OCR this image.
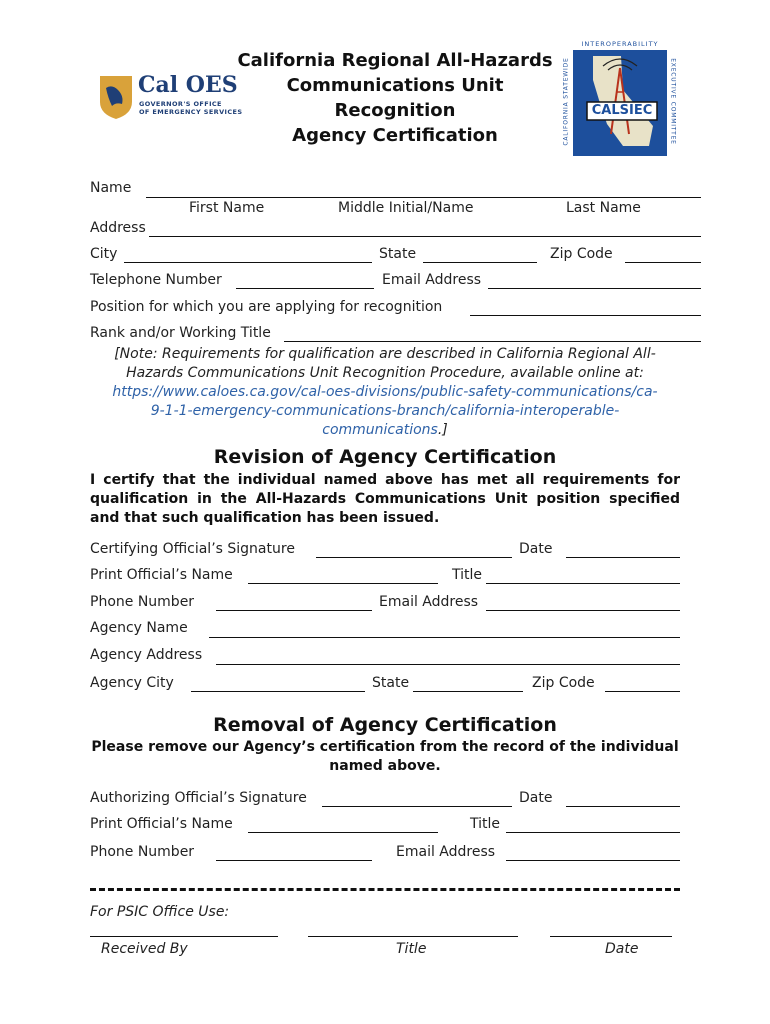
Cal OES
GOVERNOR'S OFFICE
OF EMERGENCY SERVICES
California Regional All-Hazards
Communications Unit
Recognition
Agency Certification
CALSIEC
INTEROPERABILITY
CALIFORNIA STATEWIDE	EXECUTIVE COMMITTEE
Name
First Name	Middle Initial/Name	Last Name
Address
City	State	Zip Code
Telephone Number	Email Address
Position for which you are applying for recognition
Rank and/or Working Title
[Note: Requirements for qualification are described in California Regional All-
Hazards Communications Unit Recognition Procedure, available online at:
https://www.caloes.ca.gov/cal-oes-divisions/public-safety-communications/ca-
9-1-1-emergency-communications-branch/california-interoperable-
communications.]
Revision of Agency Certification
I certify that the individual named above has met all requirements for qualification in the All-Hazards Communications Unit position specified and that such qualification has been issued.
Certifying Official’s Signature	Date
Print Official’s Name	Title
Phone Number	Email Address
Agency Name
Agency Address
Agency City	State	Zip Code
Removal of Agency Certification
Please remove our Agency’s certification from the record of the individual
named above.
Authorizing Official’s Signature	Date
Print Official’s Name	Title
Phone Number	Email Address
For PSIC Office Use:
Received By	Title	Date
